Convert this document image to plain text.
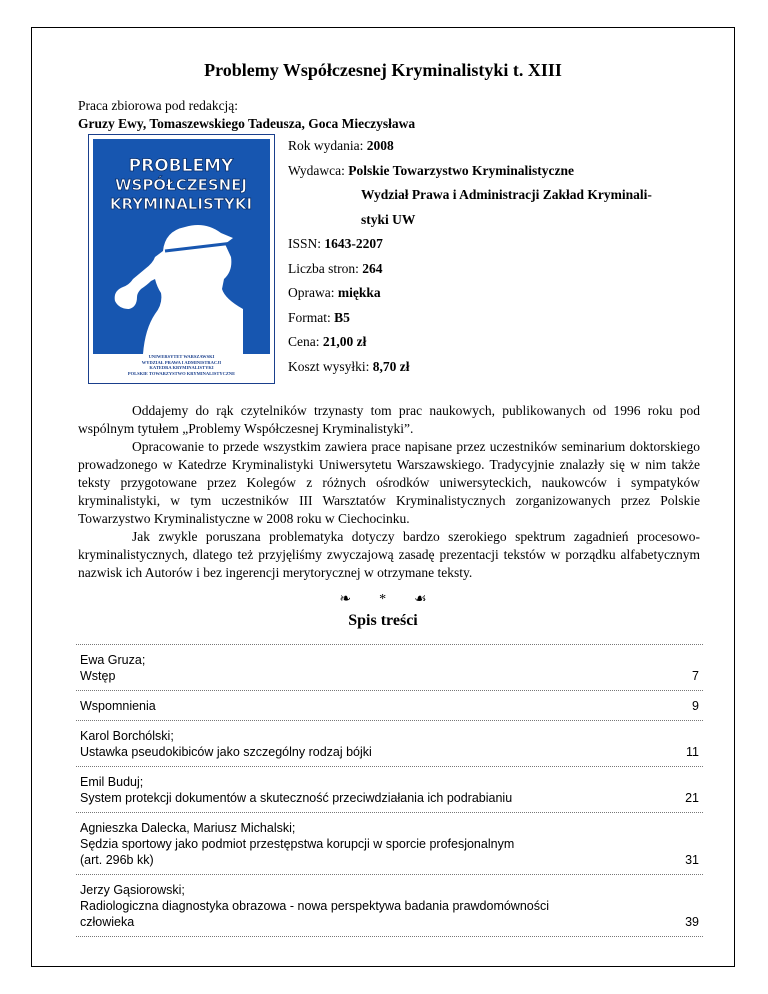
Problemy Współczesnej Kryminalistyki t. XIII
Praca zbiorowa pod redakcją:
Gruzy Ewy, Tomaszewskiego Tadeusza, Goca Mieczysława
PROBLEMY
WSPÓŁCZESNEJ
KRYMINALISTYKI
UNIWERSYTET WARSZAWSKI
WYDZIAŁ PRAWA I ADMINISTRACJI
KATEDRA KRYMINALISTYKI
POLSKIE TOWARZYSTWO KRYMINALISTYCZNE
Rok wydania: 2008
Wydawca: Polskie Towarzystwo Kryminalistyczne
Wydział Prawa i Administracji Zakład Kryminali-
styki UW
ISSN: 1643-2207
Liczba stron: 264
Oprawa: miękka
Format: B5
Cena: 21,00 zł
Koszt wysyłki: 8,70 zł

Oddajemy do rąk czytelników trzynasty tom prac naukowych, publikowanych od 1996 roku pod wspólnym tytułem „Problemy Współczesnej Kryminalistyki”.

Opracowanie to przede wszystkim zawiera prace napisane przez uczestników seminarium doktorskiego prowadzonego w Katedrze Kryminalistyki Uniwersytetu Warszawskiego. Tradycyjnie znalazły się w nim także teksty przygotowane przez Kolegów z różnych ośrodków uniwersyteckich, naukowców i sympatyków kryminalistyki, w tym uczestników III Warsztatów Kryminalistycznych zorganizowanych przez Polskie Towarzystwo Kryminalistyczne w 2008 roku w Ciechocinku.

Jak zwykle poruszana problematyka dotyczy bardzo szerokiego spektrum zagadnień procesowo-kryminalistycznych, dlatego też przyjęliśmy zwyczajową zasadę prezentacji tekstów w porządku alfabetycznym nazwisk ich Autorów i bez ingerencji merytorycznej w otrzymane teksty.

❧ * ☙
Spis treści
Ewa Gruza;
Wstęp	7
Wspomnienia	9
Karol Borchólski;
Ustawka pseudokibiców jako szczególny rodzaj bójki	11
Emil Buduj;
System protekcji dokumentów a skuteczność przeciwdziałania ich podrabianiu	21
Agnieszka Dalecka, Mariusz Michalski;
Sędzia sportowy jako podmiot przestępstwa korupcji w sporcie profesjonalnym
(art. 296b kk)	31
Jerzy Gąsiorowski;
Radiologiczna diagnostyka obrazowa - nowa perspektywa badania prawdomówności
człowieka	39
